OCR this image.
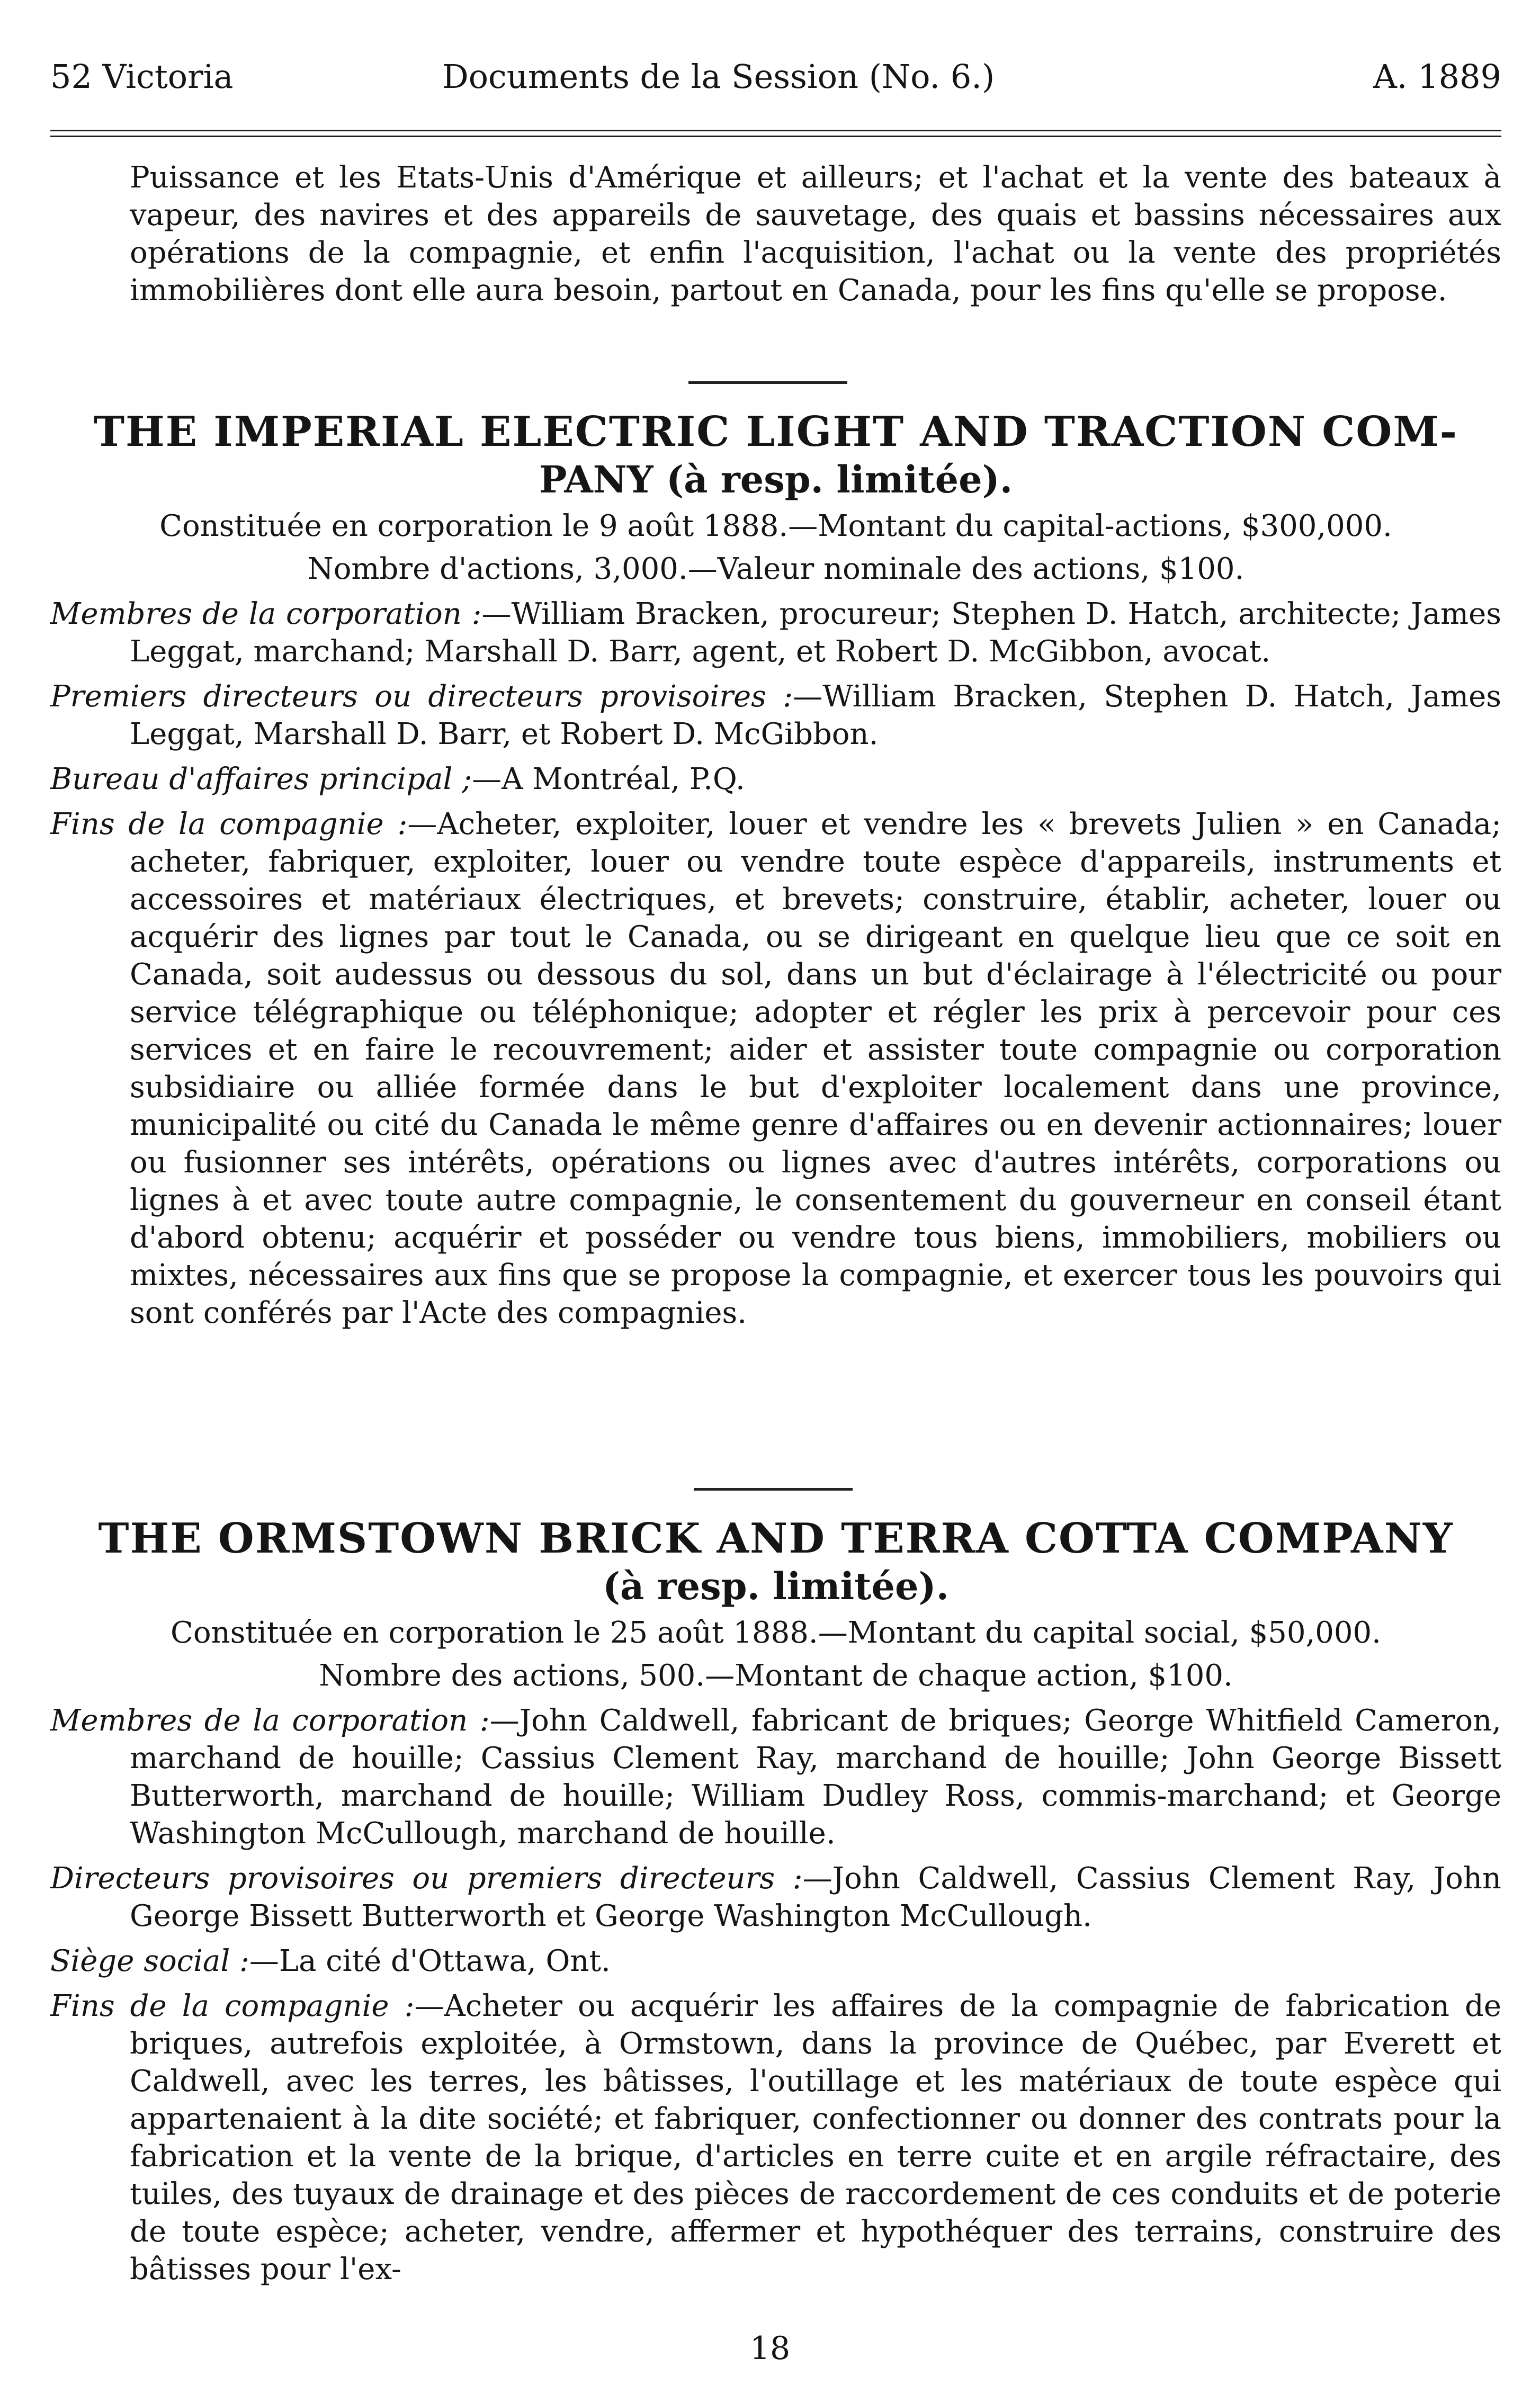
52 Victoria	Documents de la Session (No. 6.)	A. 1889

Puissance et les Etats-Unis d'Amérique et ailleurs; et l'achat et la vente des bateaux à vapeur, des navires et des appareils de sauvetage, des quais et bassins nécessaires aux opérations de la compagnie, et enfin l'acquisition, l'achat ou la vente des propriétés immobilières dont elle aura besoin, partout en Canada, pour les fins qu'elle se propose.

THE IMPERIAL ELECTRIC LIGHT AND TRACTION COM-

PANY (à resp. limitée).

Constituée en corporation le 9 août 1888.—Montant du capital-actions, $300,000.

Nombre d'actions, 3,000.—Valeur nominale des actions, $100.

Membres de la corporation :—William Bracken, procureur; Stephen D. Hatch, architecte; James Leggat, marchand; Marshall D. Barr, agent, et Robert D. McGibbon, avocat.

Premiers directeurs ou directeurs provisoires :—William Bracken, Stephen D. Hatch, James Leggat, Marshall D. Barr, et Robert D. McGibbon.

Bureau d'affaires principal ;—A Montréal, P.Q.

Fins de la compagnie :—Acheter, exploiter, louer et vendre les « brevets Julien » en Canada; acheter, fabriquer, exploiter, louer ou vendre toute espèce d'appareils, instruments et accessoires et matériaux électriques, et brevets; construire, établir, acheter, louer ou acquérir des lignes par tout le Canada, ou se dirigeant en quelque lieu que ce soit en Canada, soit audessus ou dessous du sol, dans un but d'éclairage à l'électricité ou pour service télégraphique ou téléphonique; adopter et régler les prix à percevoir pour ces services et en faire le recouvrement; aider et assister toute compagnie ou corporation subsidiaire ou alliée formée dans le but d'exploiter localement dans une province, municipalité ou cité du Canada le même genre d'affaires ou en devenir actionnaires; louer ou fusionner ses intérêts, opérations ou lignes avec d'autres intérêts, corporations ou lignes à et avec toute autre compagnie, le consentement du gouverneur en conseil étant d'abord obtenu; acquérir et posséder ou vendre tous biens, immobiliers, mobiliers ou mixtes, nécessaires aux fins que se propose la compagnie, et exercer tous les pouvoirs qui sont conférés par l'Acte des compagnies.

THE ORMSTOWN BRICK AND TERRA COTTA COMPANY

(à resp. limitée).

Constituée en corporation le 25 août 1888.—Montant du capital social, $50,000.

Nombre des actions, 500.—Montant de chaque action, $100.

Membres de la corporation :—John Caldwell, fabricant de briques; George Whitfield Cameron, marchand de houille; Cassius Clement Ray, marchand de houille; John George Bissett Butterworth, marchand de houille; William Dudley Ross, commis-marchand; et George Washington McCullough, marchand de houille.

Directeurs provisoires ou premiers directeurs :—John Caldwell, Cassius Clement Ray, John George Bissett Butterworth et George Washington McCullough.

Siège social :—La cité d'Ottawa, Ont.

Fins de la compagnie :—Acheter ou acquérir les affaires de la compagnie de fabrication de briques, autrefois exploitée, à Ormstown, dans la province de Québec, par Everett et Caldwell, avec les terres, les bâtisses, l'outillage et les matériaux de toute espèce qui appartenaient à la dite société; et fabriquer, confectionner ou donner des contrats pour la fabrication et la vente de la brique, d'articles en terre cuite et en argile réfractaire, des tuiles, des tuyaux de drainage et des pièces de raccordement de ces conduits et de poterie de toute espèce; acheter, vendre, affermer et hypothéquer des terrains, construire des bâtisses pour l'ex-

18
